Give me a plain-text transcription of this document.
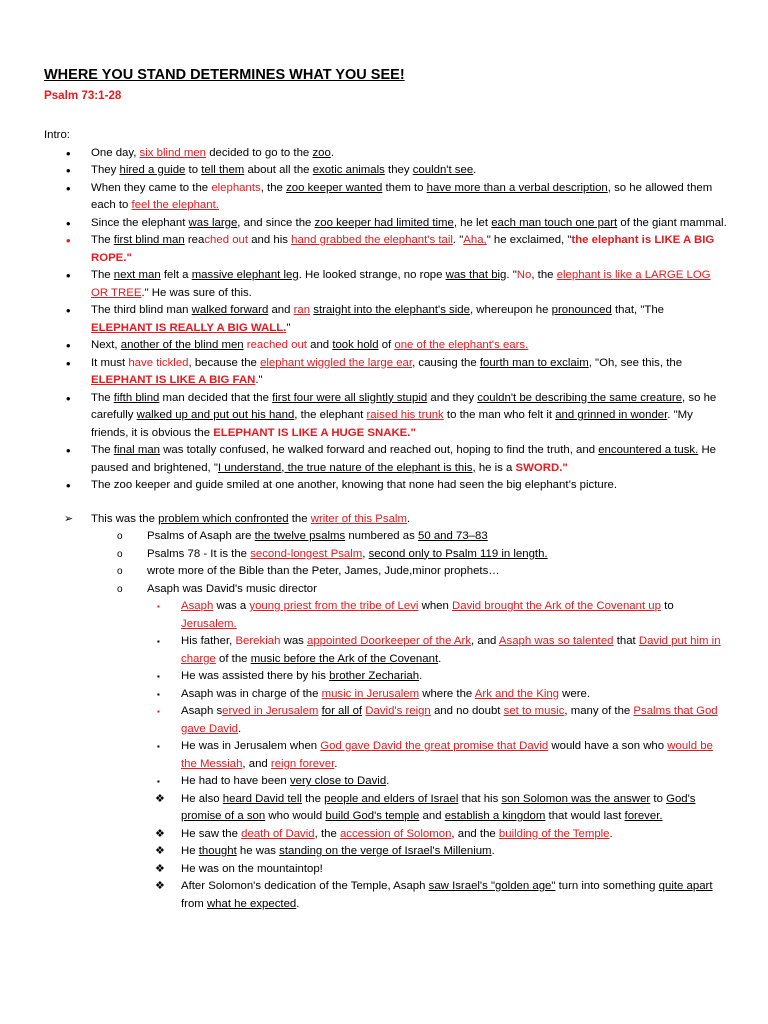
WHERE YOU STAND DETERMINES WHAT YOU SEE!
Psalm 73:1-28
Intro:
• One day, six blind men decided to go to the zoo.
• They hired a guide to tell them about all the exotic animals they couldn't see.
• When they came to the elephants, the zoo keeper wanted them to have more than a verbal description, so he allowed them each to feel the elephant.
• Since the elephant was large, and since the zoo keeper had limited time, he let each man touch one part of the giant mammal.
• The first blind man reached out and his hand grabbed the elephant's tail. "Aha," he exclaimed, "the elephant is LIKE A BIG ROPE."
• The next man felt a massive elephant leg. He looked strange, no rope was that big. "No, the elephant is like a LARGE LOG OR TREE." He was sure of this.
• The third blind man walked forward and ran straight into the elephant's side, whereupon he pronounced that, "The ELEPHANT IS REALLY A BIG WALL."
• Next, another of the blind men reached out and took hold of one of the elephant's ears.
• It must have tickled, because the elephant wiggled the large ear, causing the fourth man to exclaim, "Oh, see this, the ELEPHANT IS LIKE A BIG FAN."
• The fifth blind man decided that the first four were all slightly stupid and they couldn't be describing the same creature, so he carefully walked up and put out his hand, the elephant raised his trunk to the man who felt it and grinned in wonder. "My friends, it is obvious the ELEPHANT IS LIKE A HUGE SNAKE."
• The final man was totally confused, he walked forward and reached out, hoping to find the truth, and encountered a tusk. He paused and brightened, "I understand, the true nature of the elephant is this, he is a SWORD."
• The zoo keeper and guide smiled at one another, knowing that none had seen the big elephant’s picture.
➢ This was the problem which confronted the writer of this Psalm.
o Psalms of Asaph are the twelve psalms numbered as 50 and 73–83
o Psalms 78 - It is the second-longest Psalm, second only to Psalm 119 in length.
o wrote more of the Bible than the Peter, James, Jude,minor prophets…
o Asaph was David's music director
▪ Asaph was a young priest from the tribe of Levi when David brought the Ark of the Covenant up to Jerusalem.
▪ His father, Berekiah was appointed Doorkeeper of the Ark, and Asaph was so talented that David put him in charge of the music before the Ark of the Covenant.
▪ He was assisted there by his brother Zechariah.
▪ Asaph was in charge of the music in Jerusalem where the Ark and the King were.
▪ Asaph served in Jerusalem for all of David's reign and no doubt set to music, many of the Psalms that God gave David.
▪ He was in Jerusalem when God gave David the great promise that David would have a son who would be the Messiah, and reign forever.
▪ He had to have been very close to David.
❖ He also heard David tell the people and elders of Israel that his son Solomon was the answer to God's promise of a son who would build God's temple and establish a kingdom that would last forever.
❖ He saw the death of David, the accession of Solomon, and the building of the Temple.
❖ He thought he was standing on the verge of Israel's Millenium.
❖ He was on the mountaintop!
❖ After Solomon's dedication of the Temple, Asaph saw Israel's "golden age" turn into something quite apart from what he expected.
